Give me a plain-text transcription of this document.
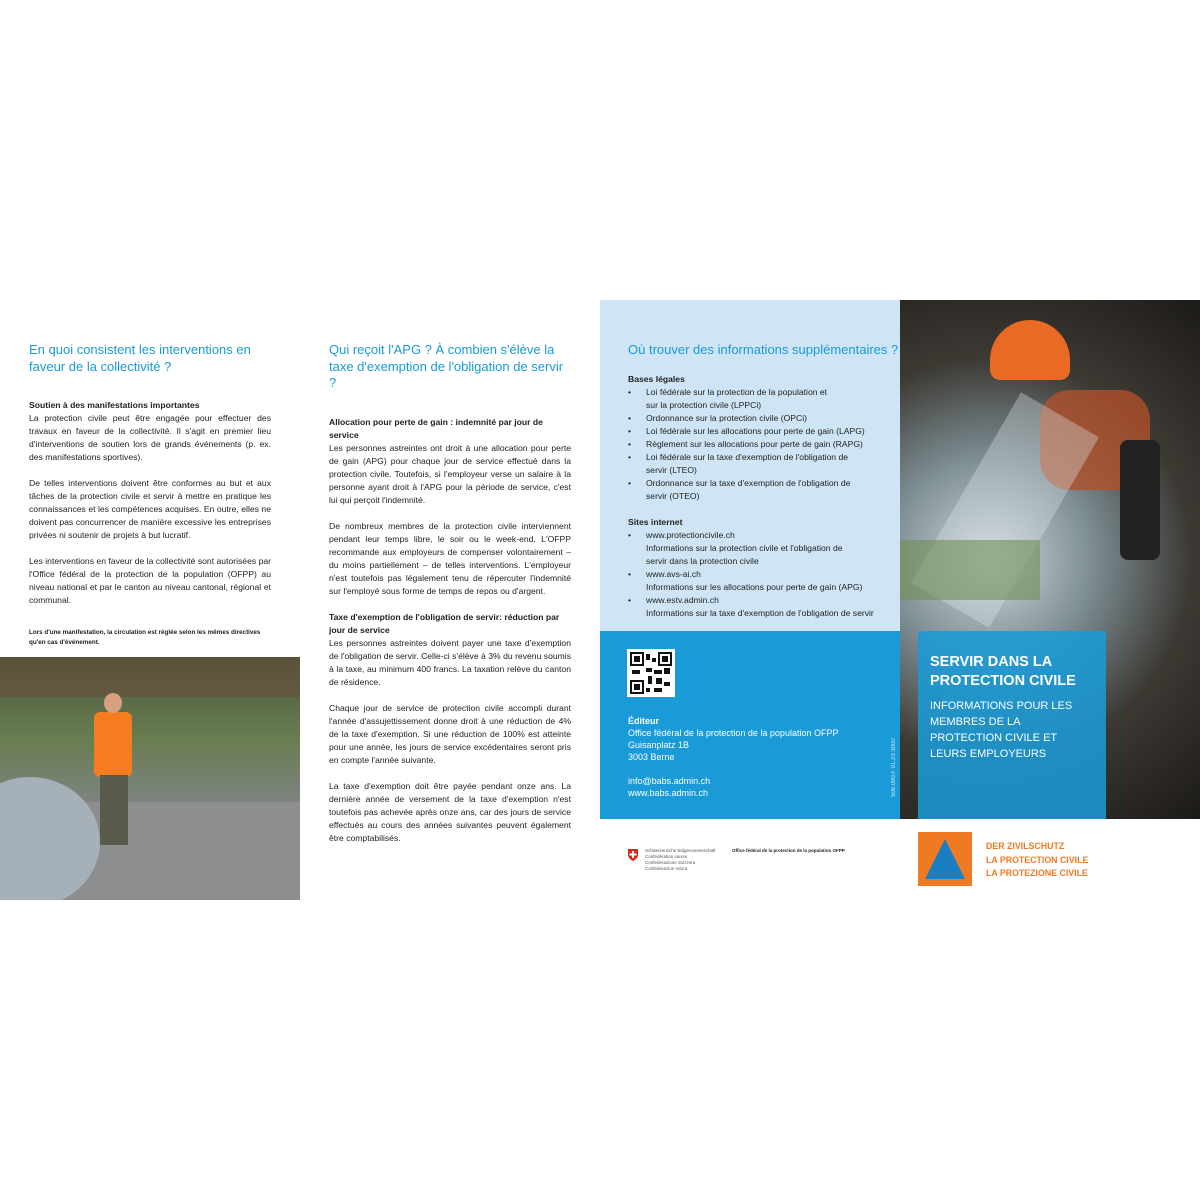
En quoi consistent les interventions en faveur de la collectivité ?
Soutien à des manifestations importantes

La protection civile peut être engagée pour effectuer des travaux en faveur de la collectivité. Il s'agit en premier lieu d'interventions de soutien lors de grands événements (p. ex. des manifestations sportives).

De telles interventions doivent être conformes au but et aux tâches de la protection civile et servir à mettre en pratique les connaissances et les compétences acquises. En outre, elles ne doivent pas concurrencer de manière excessive les entreprises privées ni soutenir de projets à but lucratif.

Les interventions en faveur de la collectivité sont autorisées par l'Office fédéral de la protection de la population (OFPP) au niveau national et par le canton au niveau cantonal, régional et communal.

Lors d'une manifestation, la circulation est réglée selon les mêmes directives qu'en cas d'événement.
Qui reçoit l'APG ? À combien s'élève la taxe d'exemption de l'obligation de servir ?
Allocation pour perte de gain : indemnité par jour de service

Les personnes astreintes ont droit à une allocation pour perte de gain (APG) pour chaque jour de service effectué dans la protection civile. Toutefois, si l'employeur verse un salaire à la personne ayant droit à l'APG pour la période de service, c'est lui qui perçoit l'indemnité.

De nombreux membres de la protection civile interviennent pendant leur temps libre, le soir ou le week-end. L'OFPP recommande aux employeurs de compenser volontairement – du moins partiellement – de telles interventions. L'employeur n'est toutefois pas légalement tenu de répercuter l'indemnité sur l'employé sous forme de temps de repos ou d'argent.

Taxe d'exemption de l'obligation de servir: réduction par jour de service

Les personnes astreintes doivent payer une taxe d'exemption de l'obligation de servir. Celle-ci s'élève à 3% du revenu soumis à la taxe, au minimum 400 francs. La taxation relève du canton de résidence.

Chaque jour de service de protection civile accompli durant l'année d'assujettissement donne droit à une réduction de 4% de la taxe d'exemption. Si une réduction de 100% est atteinte pour une année, les jours de service excédentaires seront pris en compte l'année suivante.

La taxe d'exemption doit être payée pendant onze ans. La dernière année de versement de la taxe d'exemption n'est toutefois pas achevée après onze ans, car des jours de service effectués au cours des années suivantes peuvent également être comptabilisés.

Où trouver des informations supplémentaires ?
Bases légales
• Loi fédérale sur la protection de la population et sur la protection civile (LPPCi)
• Ordonnance sur la protection civile (OPCi)
• Loi fédérale sur les allocations pour perte de gain (LAPG)
• Règlement sur les allocations pour perte de gain (RAPG)
• Loi fédérale sur la taxe d'exemption de l'obligation de servir (LTEO)
• Ordonnance sur la taxe d'exemption de l'obligation de servir (OTEO)
Sites internet
• www.protectioncivile.ch
Informations sur la protection civile et l'obligation de servir dans la protection civile
• www.avs-ai.ch
Informations sur les allocations pour perte de gain (APG)
• www.estv.admin.ch
Informations sur la taxe d'exemption de l'obligation de servir
Éditeur
Office fédéral de la protection de la population OFPP
Guisanplatz 1B
3003 Berne
info@babs.admin.ch
www.babs.admin.ch	506.090.F 01.23 3000
Schweizerische Eidgenossenschaft
Confédération suisse
Confederazione Svizzera
Confederaziun svizra
Office fédéral de la protection de la population OFPP
SERVIR DANS LA PROTECTION CIVILE
INFORMATIONS POUR LES MEMBRES DE LA PROTECTION CIVILE ET LEURS EMPLOYEURS
DER ZIVILSCHUTZ
LA PROTECTION CIVILE
LA PROTEZIONE CIVILE
